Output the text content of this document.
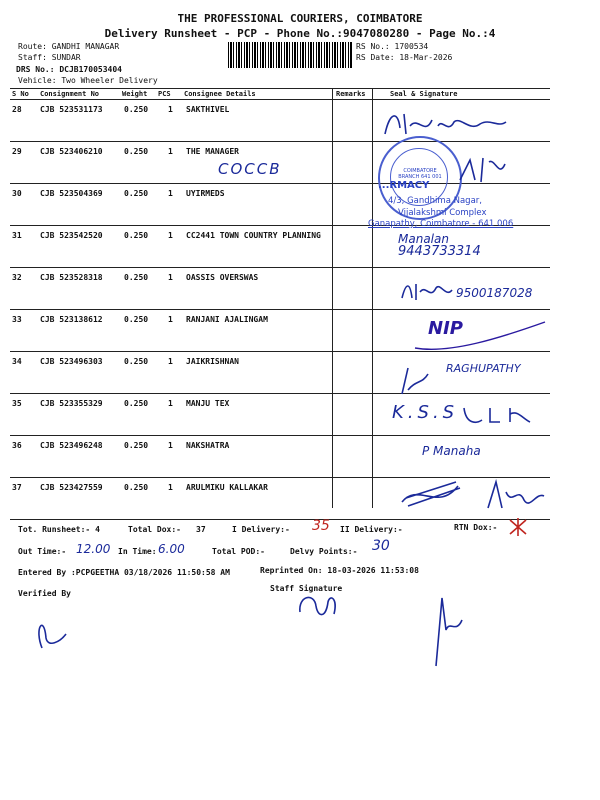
THE PROFESSIONAL COURIERS, COIMBATORE
Delivery Runsheet - PCP - Phone No.:9047080280 - Page No.:4
Route: GANDHI MANAGAR
Staff: SUNDAR
DRS No.: DCJB170053404
Vehicle: Two Wheeler Delivery
RS No.: 1700534
RS Date: 18-Mar-2026
S No Consignment No	Weight PCS Consignee Details	Remarks	Seal & Signature
28 CJB 523531173	0.250 1 SAKTHIVEL
29 CJB 523406210	0.250 1 THE MANAGER
30 CJB 523504369	0.250 1 UYIRMEDS
31 CJB 523542520	0.250 1 CC2441 TOWN COUNTRY PLANNING
32 CJB 523528318	0.250 1 OASSIS OVERSWAS
33 CJB 523138612	0.250 1 RANJANI AJALINGAM
34 CJB 523496303	0.250 1 JAIKRISHNAN
35 CJB 523355329	0.250 1 MANJU TEX
36 CJB 523496248	0.250 1 NAKSHATRA
37 CJB 523427559	0.250 1 ARULMIKU KALLAKAR
COCCB	COIMBATORE BRANCH 641 001
...RMACY
4/3, Gandhima Nagar,
Vijalakshmi Complex
Ganapathy, Coimbatore - 641 006
Manalan
9443733314
9500187028
NIP
RAGHUPATHY
K.S.S
P Manaha
Tot. Runsheet:- 4	Total Dox:- 37	I Delivery:- 35 II Delivery:-	RTN Dox:-
Out Time:- 12.00 In Time: 6.00	Total POD:-	Delvy Points:- 30
Entered By :PCPGEETHA 03/18/2026 11:50:58 AM	Reprinted On: 18-03-2026 11:53:08
Verified By
Staff Signature
